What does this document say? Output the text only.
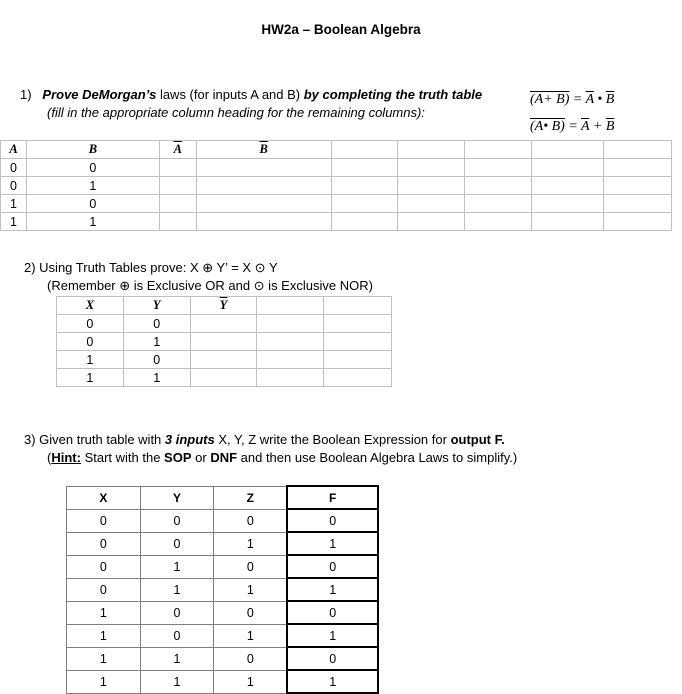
HW2a – Boolean Algebra
1) Prove DeMorgan’s laws (for inputs A and B) by completing the truth table
(fill in the appropriate column heading for the remaining columns):
$(A+ B) = \overline{A}$ • $\overline{B}$
(A• $B) = \overline{A} + \overline{B}$
A	B	$\overline{A}$	$\overline{B}$					
0	0							
0	1							
1	0							
1	1							
2) Using Truth Tables prove: X ⊕ Y’ = X ⊙ Y
(Remember ⊕ is Exclusive OR and ⊙ is Exclusive NOR)
X	Y	$\overline{Y}$		
0	0			
0	1			
1	0			
1	1			
3) Given truth table with 3 inputs X, Y, Z write the Boolean Expression for output F.
(Hint: Start with the SOP or DNF and then use Boolean Algebra Laws to simplify.)
X	Y	Z	F
0	0	0	0
0	0	1	1
0	1	0	0
0	1	1	1
1	0	0	0
1	0	1	1
1	1	0	0
1	1	1	1
